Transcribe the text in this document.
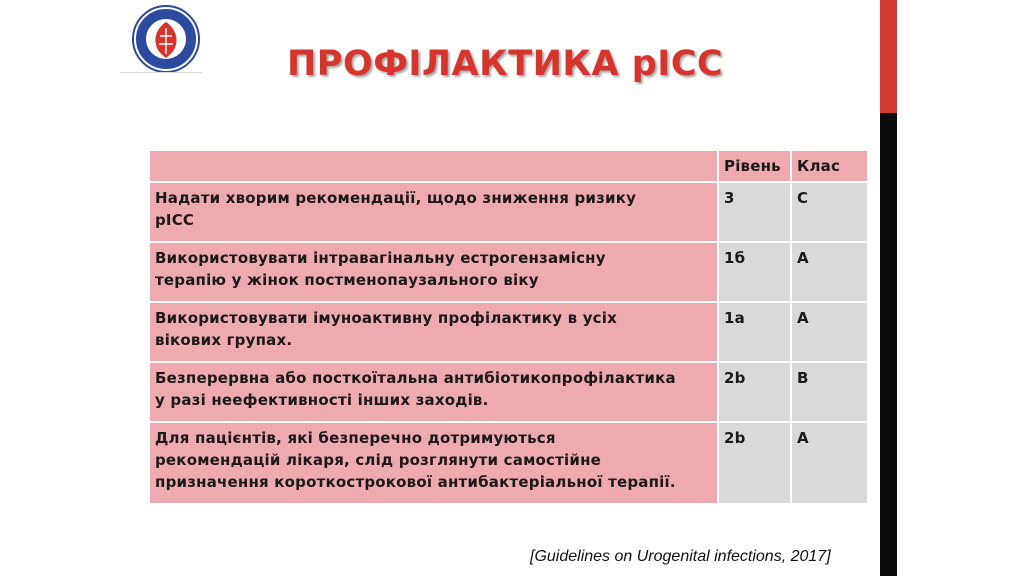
ПРОФІЛАКТИКА рІСС
	Рівень	Клас

Надати хворим рекомендації, щодо зниження ризику
рІСС	3	C

Використовувати інтравагінальну естрогензамісну
терапію у жінок постменопаузального віку	1б	A

Використовувати імуноактивну профілактику в усіх
вікових групах.	1a	A

Безперервна або посткоїтальна антибіотикопрофілактика
у разі неефективності інших заходів.	2b	B

Для пацієнтів, які безперечно дотримуються
рекомендацій лікаря, слід розглянути самостійне
призначення короткострокової антибактеріальної терапії.	2b	A
[Guidelines on Urogenital infections, 2017]
